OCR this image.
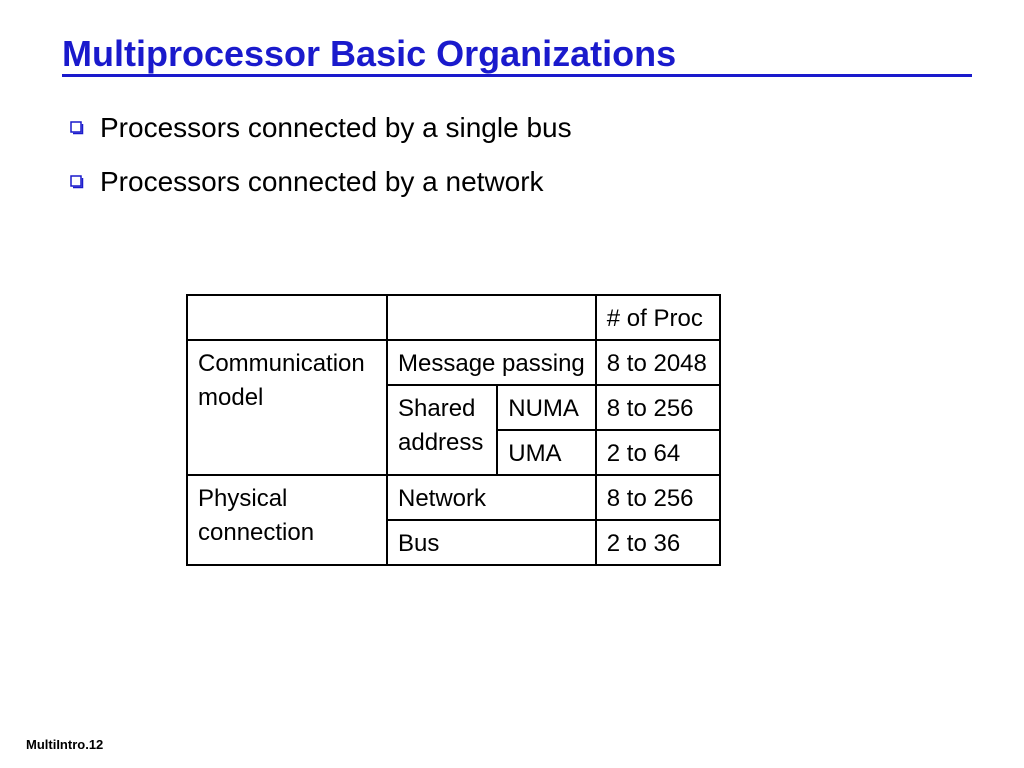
Multiprocessor Basic Organizations
Processors connected by a single bus
Processors connected by a network
			# of Proc
Communication model	Message passing		8 to 2048
	Shared address	NUMA	8 to 256
		UMA	2 to 64
Physical connection	Network		8 to 256
	Bus		2 to 36
MultiIntro.12
